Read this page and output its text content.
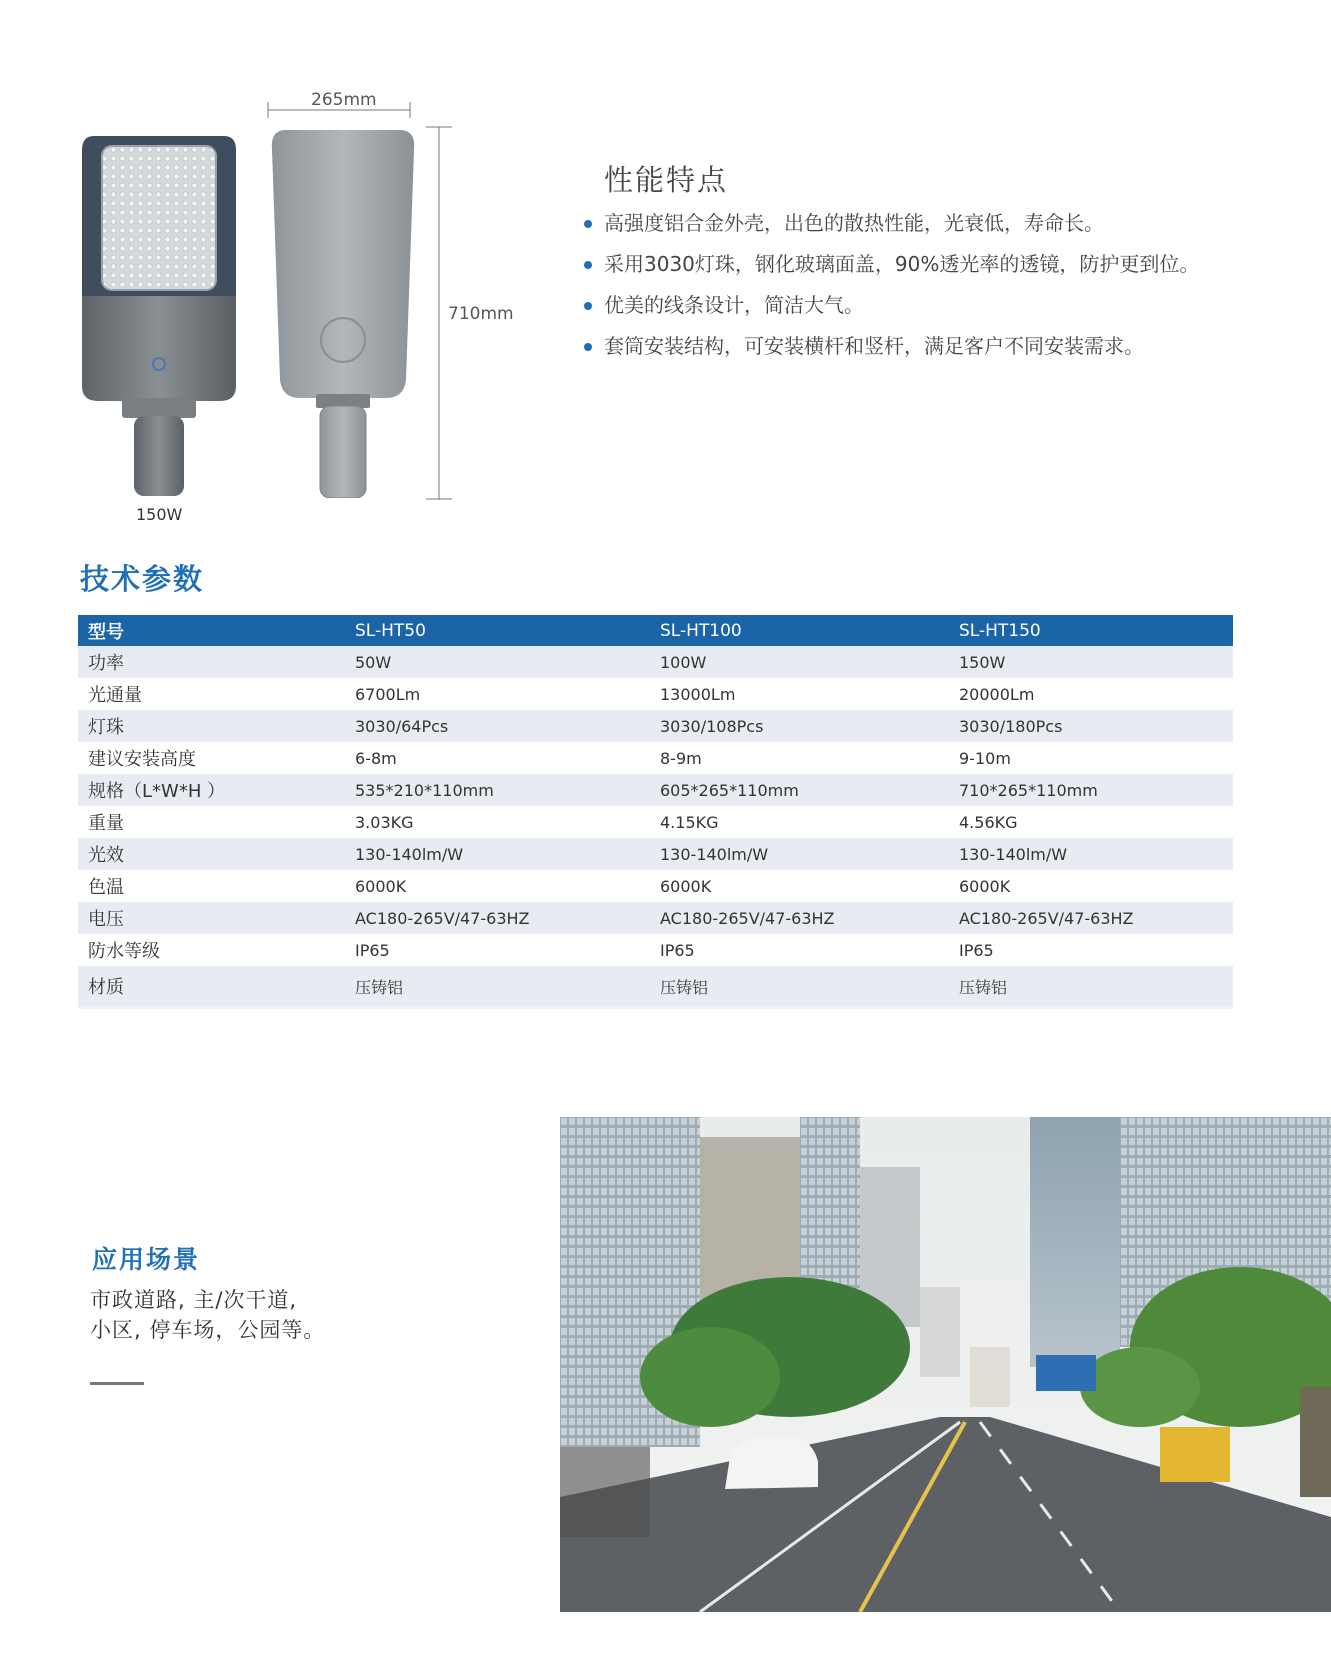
265mm
710mm
150W
性能特点
高强度铝合金外壳，出色的散热性能，光衰低，寿命长。
采用3030灯珠，钢化玻璃面盖，90%透光率的透镜，防护更到位。
优美的线条设计，简洁大气。
套筒安装结构，可安装横杆和竖杆，满足客户不同安装需求。
技术参数
型号	SL-HT50	SL-HT100	SL-HT150
功率	50W	100W	150W
光通量	6700Lm	13000Lm	20000Lm
灯珠	3030/64Pcs	3030/108Pcs	3030/180Pcs
建议安装高度	6-8m	8-9m	9-10m
规格（L*W*H ）	535*210*110mm	605*265*110mm	710*265*110mm
重量	3.03KG	4.15KG	4.56KG
光效	130-140lm/W	130-140lm/W	130-140lm/W
色温	6000K	6000K	6000K
电压	AC180-265V/47-63HZ	AC180-265V/47-63HZ	AC180-265V/47-63HZ
防水等级	IP65	IP65	IP65
材质	压铸铝	压铸铝	压铸铝
应用场景
市政道路, 主/次干道,
小区, 停车场，公园等。
